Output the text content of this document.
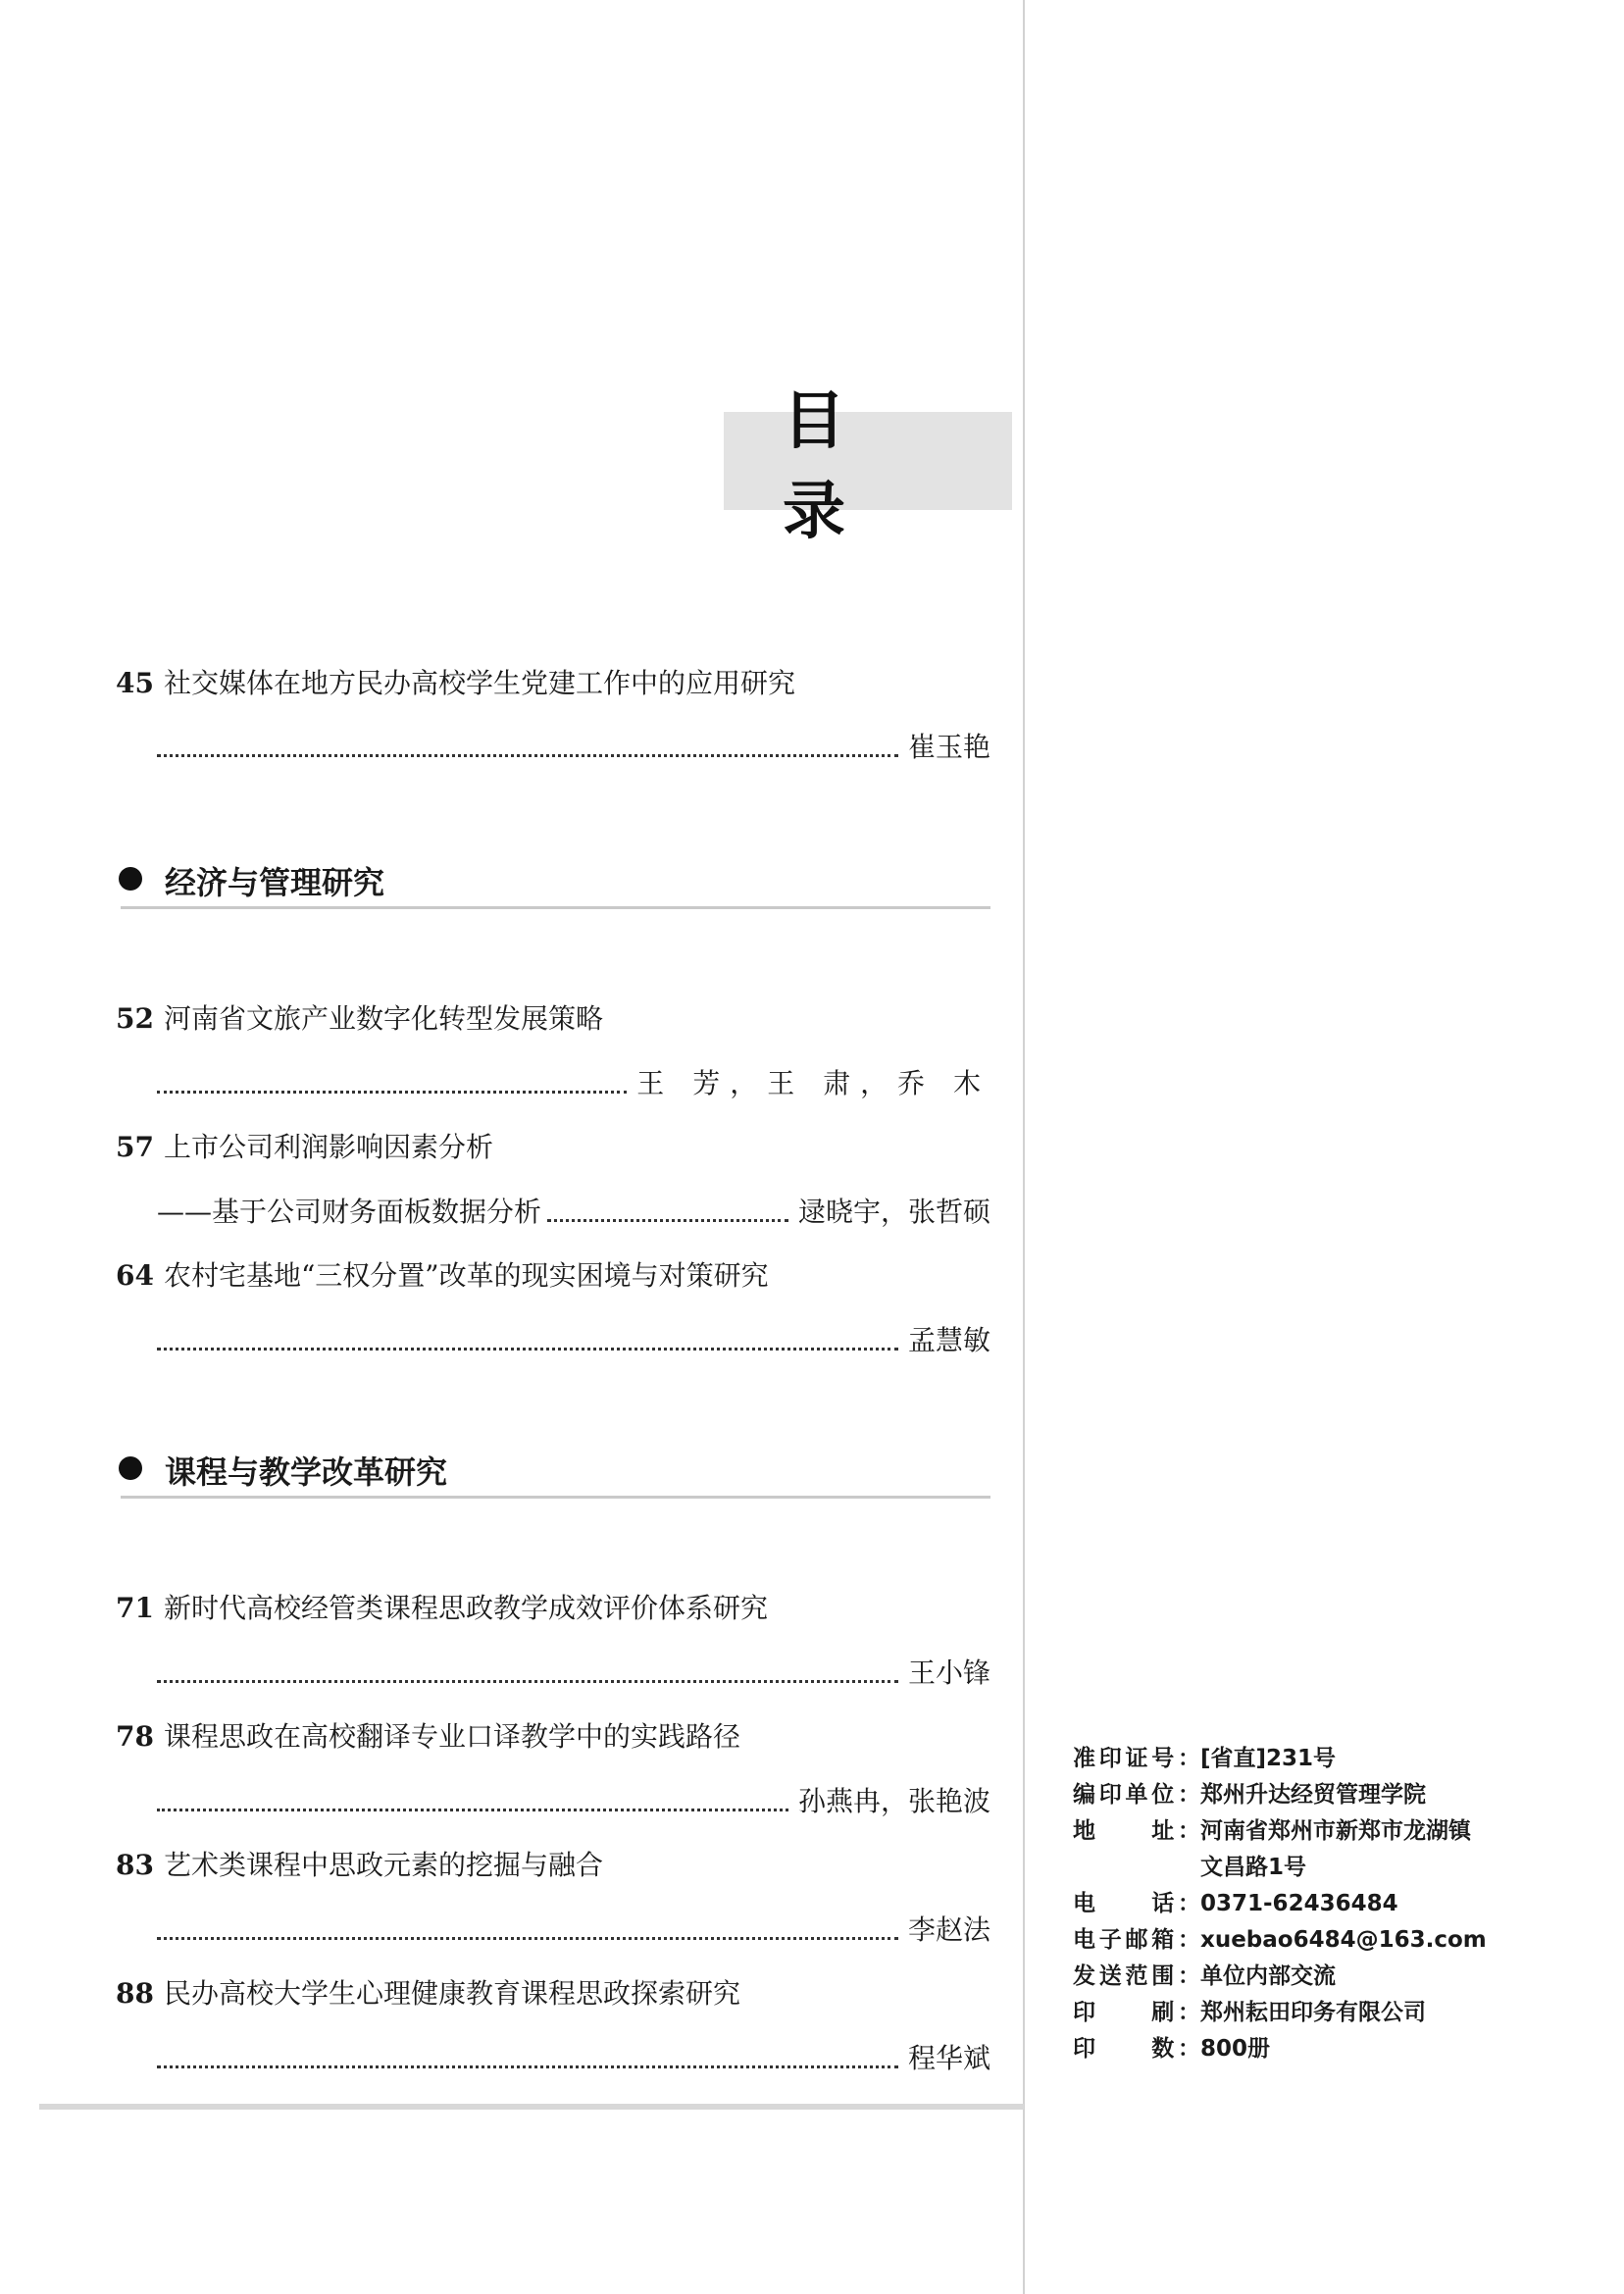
目 录
45 社交媒体在地方民办高校学生党建工作中的应用研究
崔玉艳
经济与管理研究
52 河南省文旅产业数字化转型发展策略
王 芳，王 肃，乔 木
57 上市公司利润影响因素分析
——基于公司财务面板数据分析	逯晓宇，张哲硕
64 农村宅基地“三权分置”改革的现实困境与对策研究
孟慧敏
课程与教学改革研究
71 新时代高校经管类课程思政教学成效评价体系研究
王小锋
78 课程思政在高校翻译专业口译教学中的实践路径
孙燕冉，张艳波
83 艺术类课程中思政元素的挖掘与融合
李赵法
88 民办高校大学生心理健康教育课程思政探索研究
程华斌
准印证号： [省直]231号
编印单位： 郑州升达经贸管理学院
地　　址： 河南省郑州市新郑市龙湖镇
文昌路1号
电　　话： 0371-62436484
电子邮箱： xuebao6484@163.com
发送范围： 单位内部交流
印　　刷： 郑州耘田印务有限公司
印　　数： 800册
